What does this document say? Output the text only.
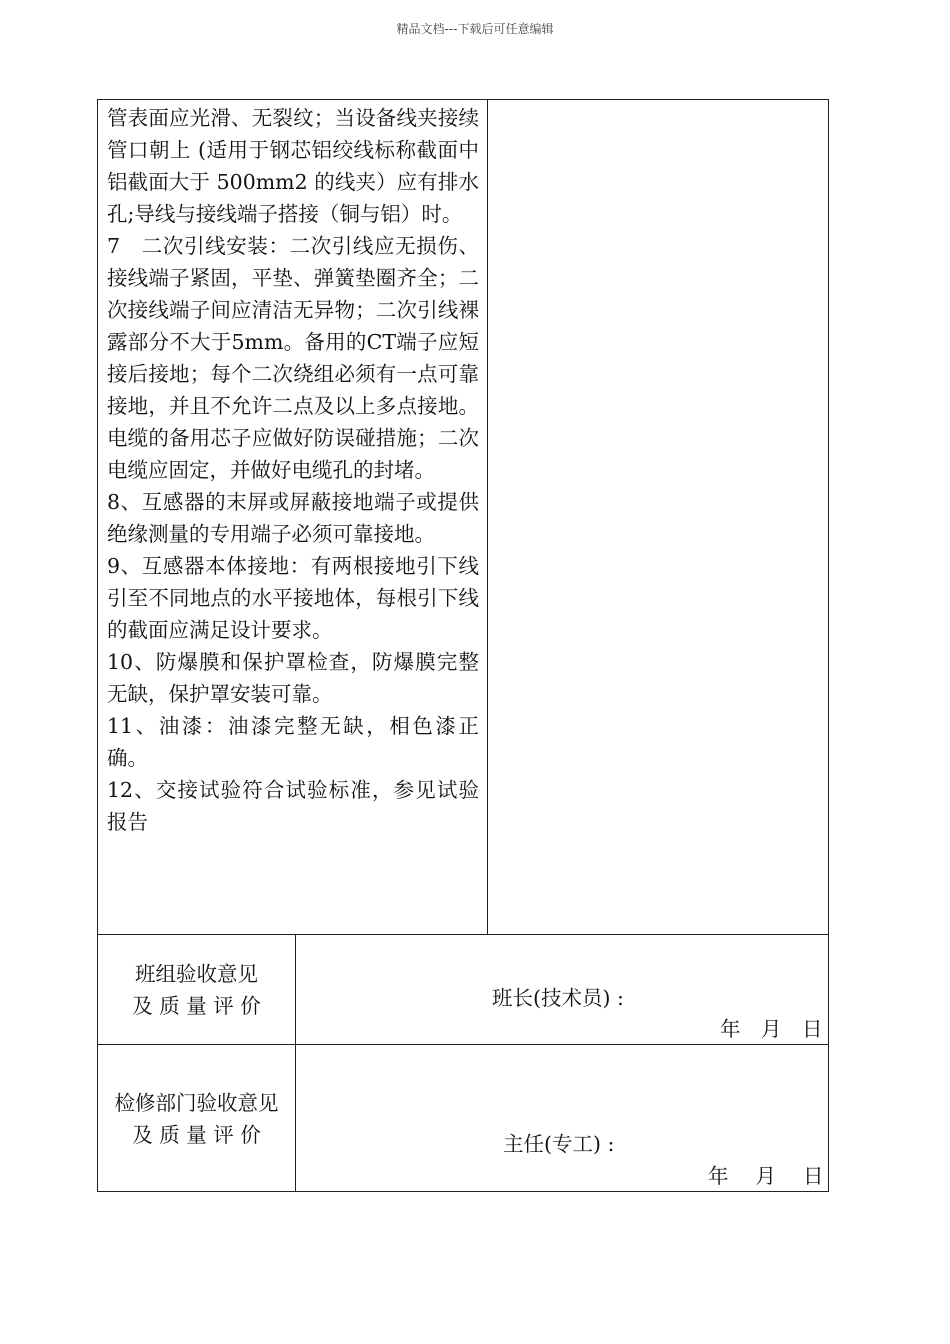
精品文档---下载后可任意编辑

管表面应光滑、无裂纹；当设备线夹接续管口朝上 (适用于钢芯铝绞线标称截面中铝截面大于 500mm2 的线夹）应有排水孔;导线与接线端子搭接（铜与铝）时。

7　二次引线安装：二次引线应无损伤、接线端子紧固，平垫、弹簧垫圈齐全；二次接线端子间应清洁无异物；二次引线裸露部分不大于5mm。备用的CT端子应短接后接地；每个二次绕组必须有一点可靠接地，并且不允许二点及以上多点接地。电缆的备用芯子应做好防误碰措施；二次电缆应固定，并做好电缆孔的封堵。

8、互感器的末屏或屏蔽接地端子或提供绝缘测量的专用端子必须可靠接地。

9、互感器本体接地：有两根接地引下线引至不同地点的水平接地体，每根引下线的截面应满足设计要求。

10、防爆膜和保护罩检查，防爆膜完整无缺，保护罩安装可靠。

11、油漆：油漆完整无缺，相色漆正确。

12、交接试验符合试验标准，参见试验报告

班组验收意见
及 质 量 评 价	班长(技术员) :
年　月　日
检修部门验收意见
及 质 量 评 价	主任(专工) :
年　 月　 日
